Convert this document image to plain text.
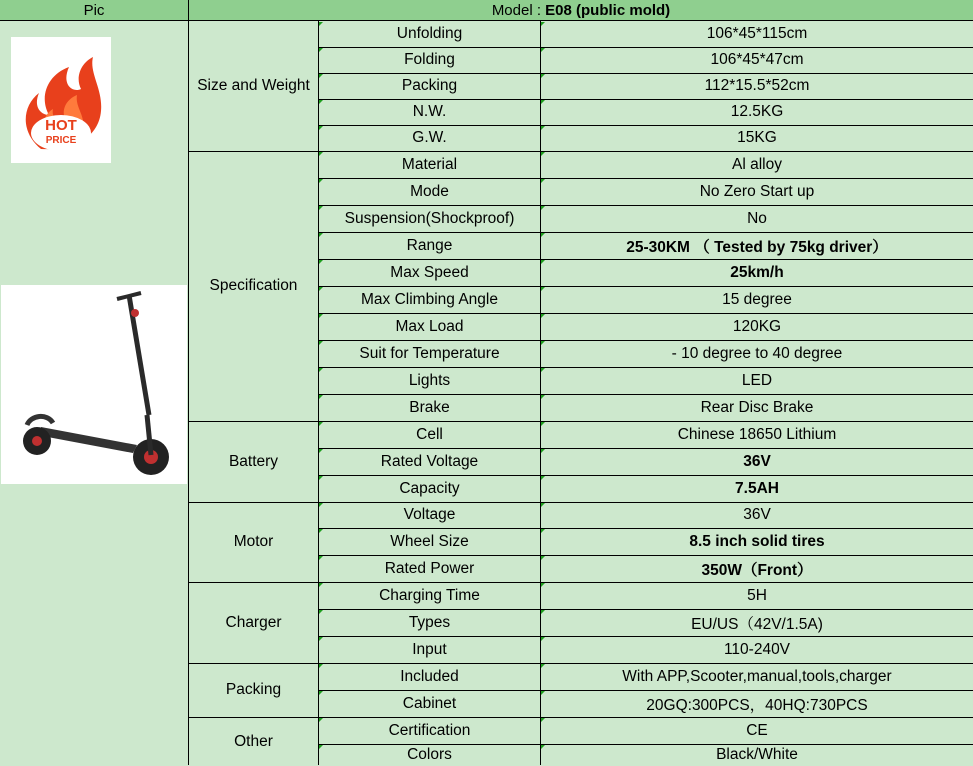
Pic	Model : E08 (public mold)
HOT
PRICE
Unfolding	106*45*115cm
Folding	106*45*47cm
Packing	112*15.5*52cm
N.W.	12.5KG
G.W.	15KG
Size and Weight
Material	Al alloy
Mode	No Zero Start up
Suspension(Shockproof)	No
Range	25-30KM （ Tested by 75kg driver）
Max Speed	25km/h
Max Climbing Angle	15 degree
Max Load	120KG
Suit for Temperature	- 10 degree to 40 degree
Lights	LED
Brake	Rear Disc Brake
Specification
Cell	Chinese 18650 Lithium
Rated Voltage	36V
Capacity	7.5AH
Battery
Voltage	36V
Wheel Size	8.5 inch solid tires
Rated Power	350W（Front）
Motor
Charging Time	5H
Types	EU/US（42V/1.5A)
Input	110-240V
Charger
Included	With APP,Scooter,manual,tools,charger
Cabinet	20GQ:300PCS，40HQ:730PCS
Packing
Certification	CE
Colors	Black/White
Other
